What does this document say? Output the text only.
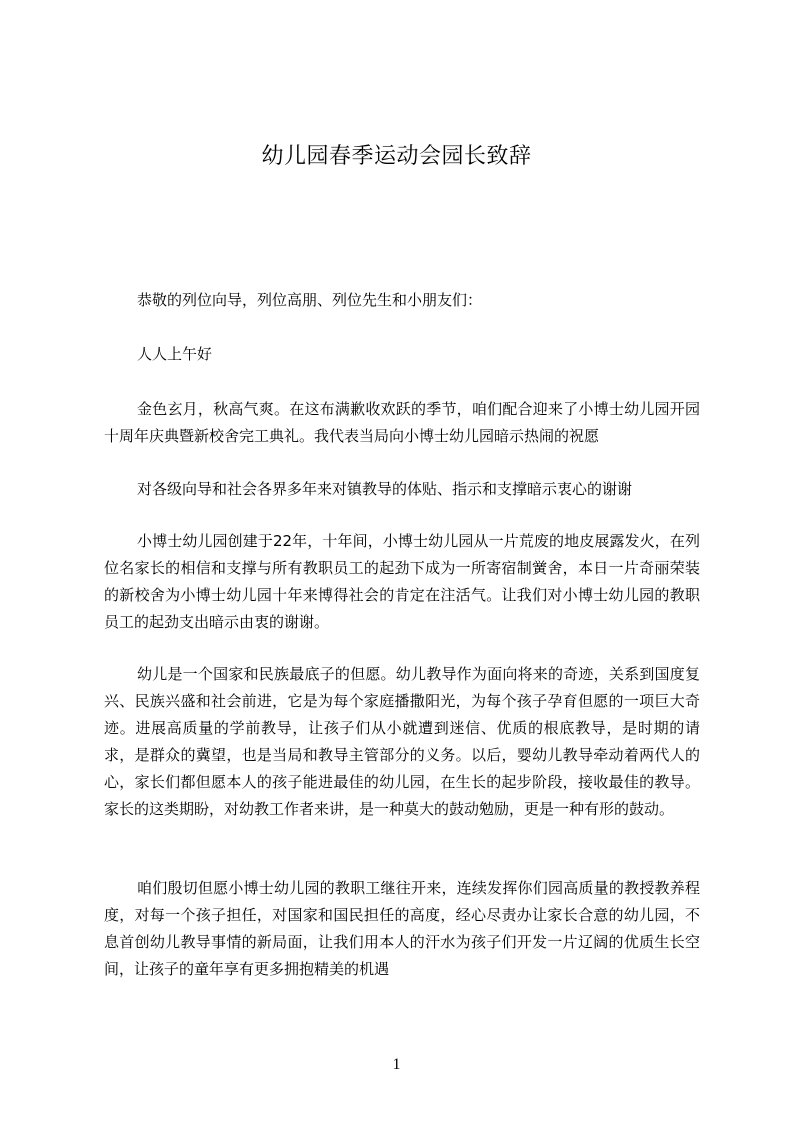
幼儿园春季运动会园长致辞

恭敬的列位向导，列位高朋、列位先生和小朋友们：

人人上午好

金色玄月，秋高气爽。在这布满歉收欢跃的季节，咱们配合迎来了小博士幼儿园开园十周年庆典暨新校舍完工典礼。我代表当局向小博士幼儿园暗示热闹的祝愿

对各级向导和社会各界多年来对镇教导的体贴、指示和支撑暗示衷心的谢谢

小博士幼儿园创建于22年，十年间，小博士幼儿园从一片荒废的地皮展露发火，在列位名家长的相信和支撑与所有教职员工的起劲下成为一所寄宿制黉舍，本日一片奇丽荣装的新校舍为小博士幼儿园十年来博得社会的肯定在注活气。让我们对小博士幼儿园的教职员工的起劲支出暗示由衷的谢谢。

幼儿是一个国家和民族最底子的但愿。幼儿教导作为面向将来的奇迹，关系到国度复兴、民族兴盛和社会前进，它是为每个家庭播撒阳光，为每个孩子孕育但愿的一项巨大奇迹。进展高质量的学前教导，让孩子们从小就遭到迷信、优质的根底教导，是时期的请求，是群众的冀望，也是当局和教导主管部分的义务。以后，婴幼儿教导牵动着两代人的心，家长们都但愿本人的孩子能进最佳的幼儿园，在生长的起步阶段，接收最佳的教导。家长的这类期盼，对幼教工作者来讲，是一种莫大的鼓动勉励，更是一种有形的鼓动。

咱们殷切但愿小博士幼儿园的教职工继往开来，连续发挥你们园高质量的教授教养程度，对每一个孩子担任，对国家和国民担任的高度，经心尽责办让家长合意的幼儿园，不息首创幼儿教导事情的新局面，让我们用本人的汗水为孩子们开发一片辽阔的优质生长空间，让孩子的童年享有更多拥抱精美的机遇

1
